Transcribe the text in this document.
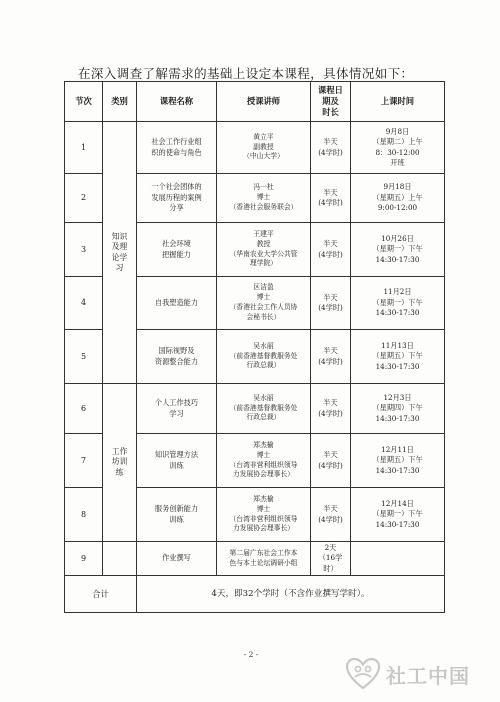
在深入调查了解需求的基础上设定本课程，具体情况如下：
节次	类别	课程名称	授课讲师	课程日
期及
时长	上课时间
1	知识
及理
论学
习	社会工作行业组
织的使命与角色	黄立平
副教授
（中山大学）	半天
(4学时)	9月8日
（星期二）上午
8：30-12:00
开班
2		一个社会团体的
发展历程的案例
分享	冯一杜
博士
（香港社会服务联会）	半天
(4学时)	9月18日
（星期五）上午
9:00-12:00
3		社会环境
把握能力	王建平
教授
（华南农业大学公共管
理学院）	半天
(4学时)	10月26日
（星期一）下午
14:30-17:30
4		自我塑造能力	区洁盈
博士
（香港社会工作人员协
会秘书长）	半天
(4学时)	11月2日
（星期一）下午
14:30-17:30
5		国际视野及
资源整合能力	吴水丽
（前香港基督教服务处
行政总裁）	半天
(4学时)	11月13日
（星期五）下午
14:30-17:30
6	工作
坊训
练	个人工作技巧
学习	吴水丽
（前香港基督教服务处
行政总裁）	半天
(4学时)	12月3日
（星期四）下午
14:30-17:30
7		知识管理方法
训练	郑杰榆
博士
（台湾非营利组织领导
力发展协会理事长）	半天
(4学时)	12月11日
（星期五）下午
14:30-17:30
8		服务创新能力
训练	郑杰榆
博士
（台湾非营利组织领导
力发展协会理事长）	半天
(4学时)	12月14日
（星期一）下午
14:30-17:30
9		作业撰写	第二届广东社会工作本
色与本土论坛调研小组	2天
（16学
时）	
合计		4天，即32个学时（不含作业撰写学时）。			
- 2 -
社工中国
